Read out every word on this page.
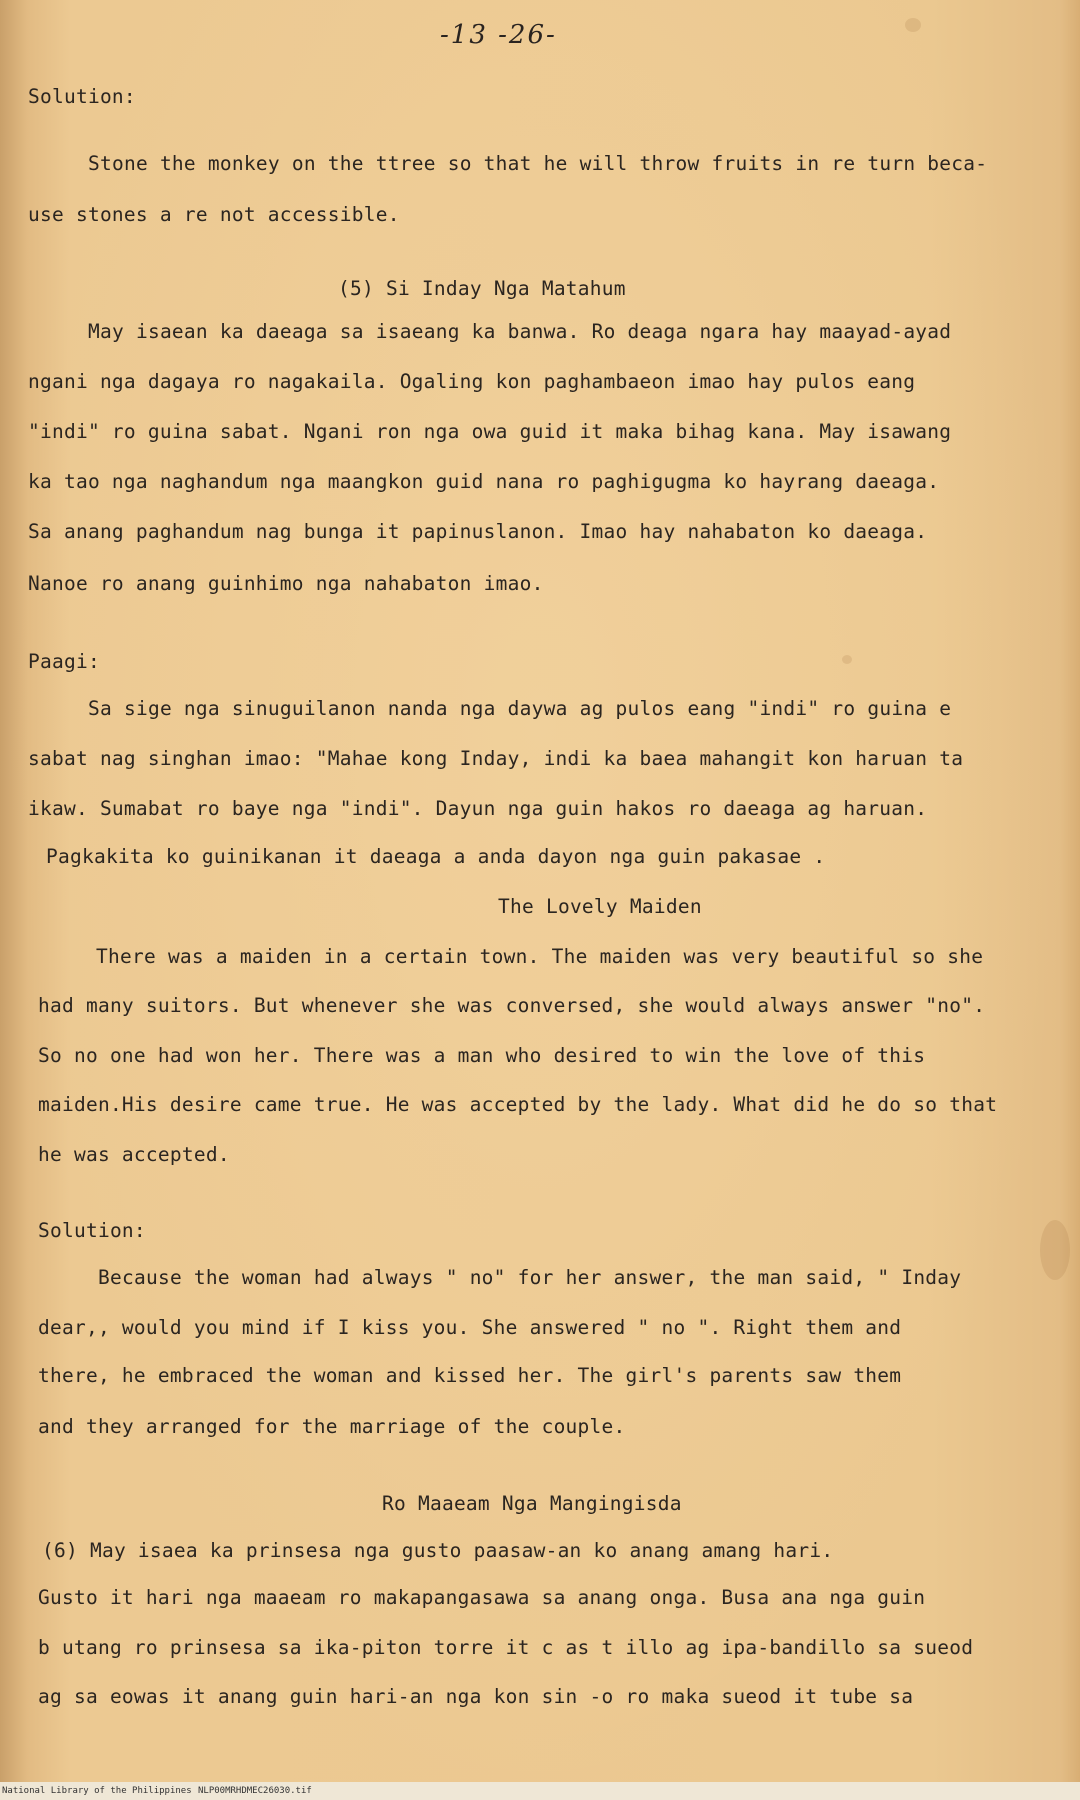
-13 -26-
Solution:
Stone the monkey on the ttree so that he will throw fruits in re turn beca-
use stones a re not accessible.
(5) Si Inday Nga Matahum
May isaean ka daeaga sa isaeang ka banwa. Ro deaga ngara hay maayad-ayad
ngani nga dagaya ro nagakaila. Ogaling kon paghambaeon imao hay pulos eang
"indi" ro guina sabat. Ngani ron nga owa guid it maka bihag kana. May isawang
ka tao nga naghandum nga maangkon guid nana ro paghigugma ko hayrang daeaga.
Sa anang paghandum nag bunga it papinuslanon. Imao hay nahabaton ko daeaga.
Nanoe ro anang guinhimo nga nahabaton imao.
Paagi:
Sa sige nga sinuguilanon nanda nga daywa ag pulos eang "indi" ro guina e
sabat nag singhan imao: "Mahae kong Inday, indi ka baea mahangit kon haruan ta
ikaw. Sumabat ro baye nga "indi". Dayun nga guin hakos ro daeaga ag haruan.
Pagkakita ko guinikanan it daeaga a anda dayon nga guin pakasae .
The Lovely Maiden
There was a maiden in a certain town. The maiden was very beautiful so she
had many suitors. But whenever she was conversed, she would always answer "no".
So no one had won her. There was a man who desired to win the love of this
maiden.His desire came true. He was accepted by the lady. What did he do so that
he was accepted.
Solution:
Because the woman had always " no" for her answer, the man said, " Inday
dear,, would you mind if I kiss you. She answered " no ". Right them and
there, he embraced the woman and kissed her. The girl's parents saw them
and they arranged for the marriage of the couple.
Ro Maaeam Nga Mangingisda
(6) May isaea ka prinsesa nga gusto paasaw-an ko anang amang hari.
Gusto it hari nga maaeam ro makapangasawa sa anang onga. Busa ana nga guin
b utang ro prinsesa sa ika-piton torre it c as t illo ag ipa-bandillo sa sueod
ag sa eowas it anang guin hari-an nga kon sin -o ro maka sueod it tube sa
National Library of the Philippines NLP00MRHDMEC26030.tif
